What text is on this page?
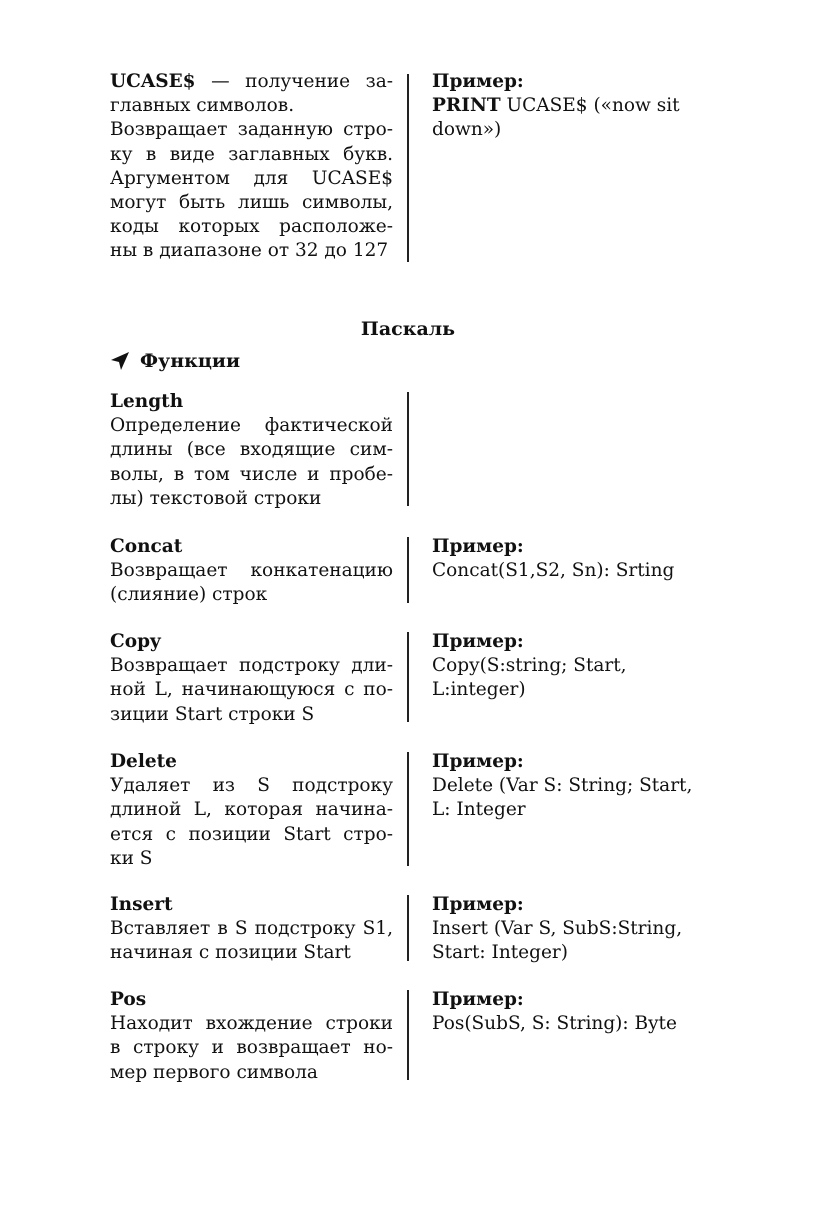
UCASE$ — получение за-
главных символов.
Возвращает заданную стро-
ку в виде заглавных букв.
Аргументом для UCASE$
могут быть лишь символы,
коды которых расположе-
ны в диапазоне от 32 до 127
Пример:
PRINT UCASE$ («now sit
down»)
Паскаль
Функции
Length
Определение фактической
длины (все входящие сим-
волы, в том числе и пробе-
лы) текстовой строки
Concat
Возвращает конкатенацию
(слияние) строк
Пример:
Concat(S1,S2, Sn): Srting
Copy
Возвращает подстроку дли-
ной L, начинающуюся с по-
зиции Start строки S
Пример:
Copy(S:string; Start,
L:integer)
Delete
Удаляет из S подстроку
длиной L, которая начина-
ется с позиции Start стро-
ки S
Пример:
Delete (Var S: String; Start,
L: Integer
Insert
Вставляет в S подстроку S1,
начиная с позиции Start
Пример:
Insert (Var S, SubS:String,
Start: Integer)
Pos
Находит вхождение строки
в строку и возвращает но-
мер первого символа
Пример:
Pos(SubS, S: String): Byte
